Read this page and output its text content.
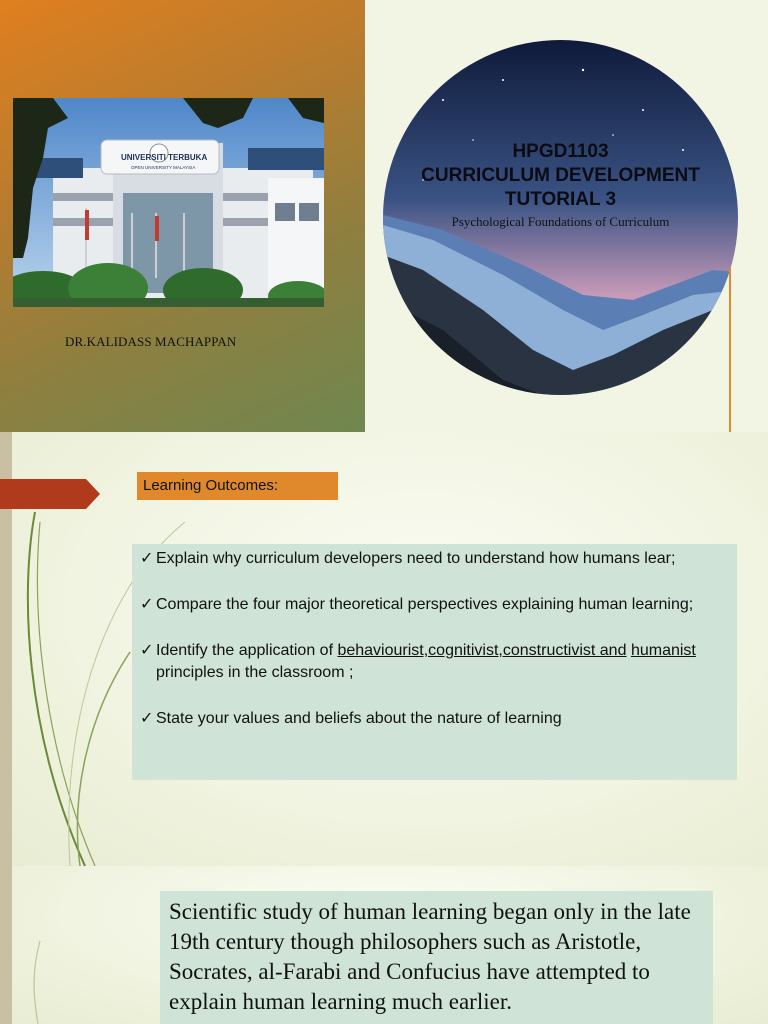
UNIVERSITI TERBUKA
OPEN UNIVERSITY MALAYSIA
DR.KALIDASS MACHAPPAN
HPGD1103
CURRICULUM DEVELOPMENT
TUTORIAL 3
Psychological Foundations of Curriculum
Learning Outcomes:
✓ Explain why curriculum developers need to understand how humans lear;
✓ Compare the four major theoretical perspectives explaining human learning;
✓ Identify the application of behaviourist,cognitivist,constructivist and humanist principles in the classroom ;
✓ State your values and beliefs about the nature of learning
Scientific study of human learning began only in the late 19th century though philosophers such as Aristotle, Socrates, al-Farabi and Confucius have attempted to explain human learning much earlier.
